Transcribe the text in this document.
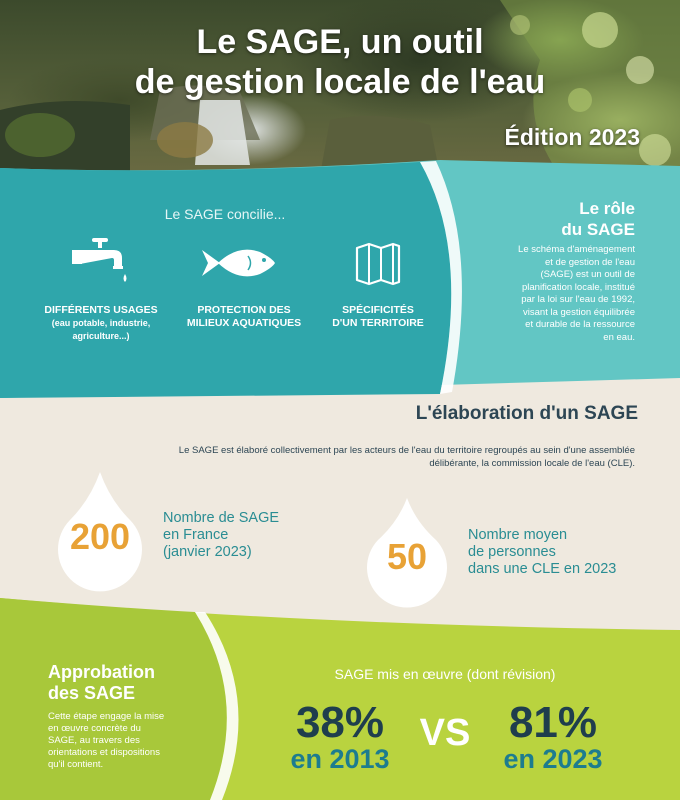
Le SAGE, un outil
de gestion locale de l'eau
Édition 2023
Le SAGE concilie...
DIFFÉRENTS USAGES
(eau potable, industrie,
agriculture...)
PROTECTION DES
MILIEUX AQUATIQUES
SPÉCIFICITÉS
D'UN TERRITOIRE
Le rôle
du SAGE
Le schéma d'aménagement
et de gestion de l'eau
(SAGE) est un outil de
planification locale, institué
par la loi sur l'eau de 1992,
visant la gestion équilibrée
et durable de la ressource
en eau.
L'élaboration d'un SAGE
Le SAGE est élaboré collectivement par les acteurs de l'eau du territoire regroupés au sein d'une assemblée
délibérante, la commission locale de l'eau (CLE).
200	Nombre de SAGE
en France
(janvier 2023)	50
Nombre moyen
de personnes
dans une CLE en 2023
Approbation
des SAGE
Cette étape engage la mise
en œuvre concrète du
SAGE, au travers des
orientations et dispositions
qu'il contient.
SAGE mis en œuvre (dont révision)
38%
en 2013
VS 81%
en 2023
